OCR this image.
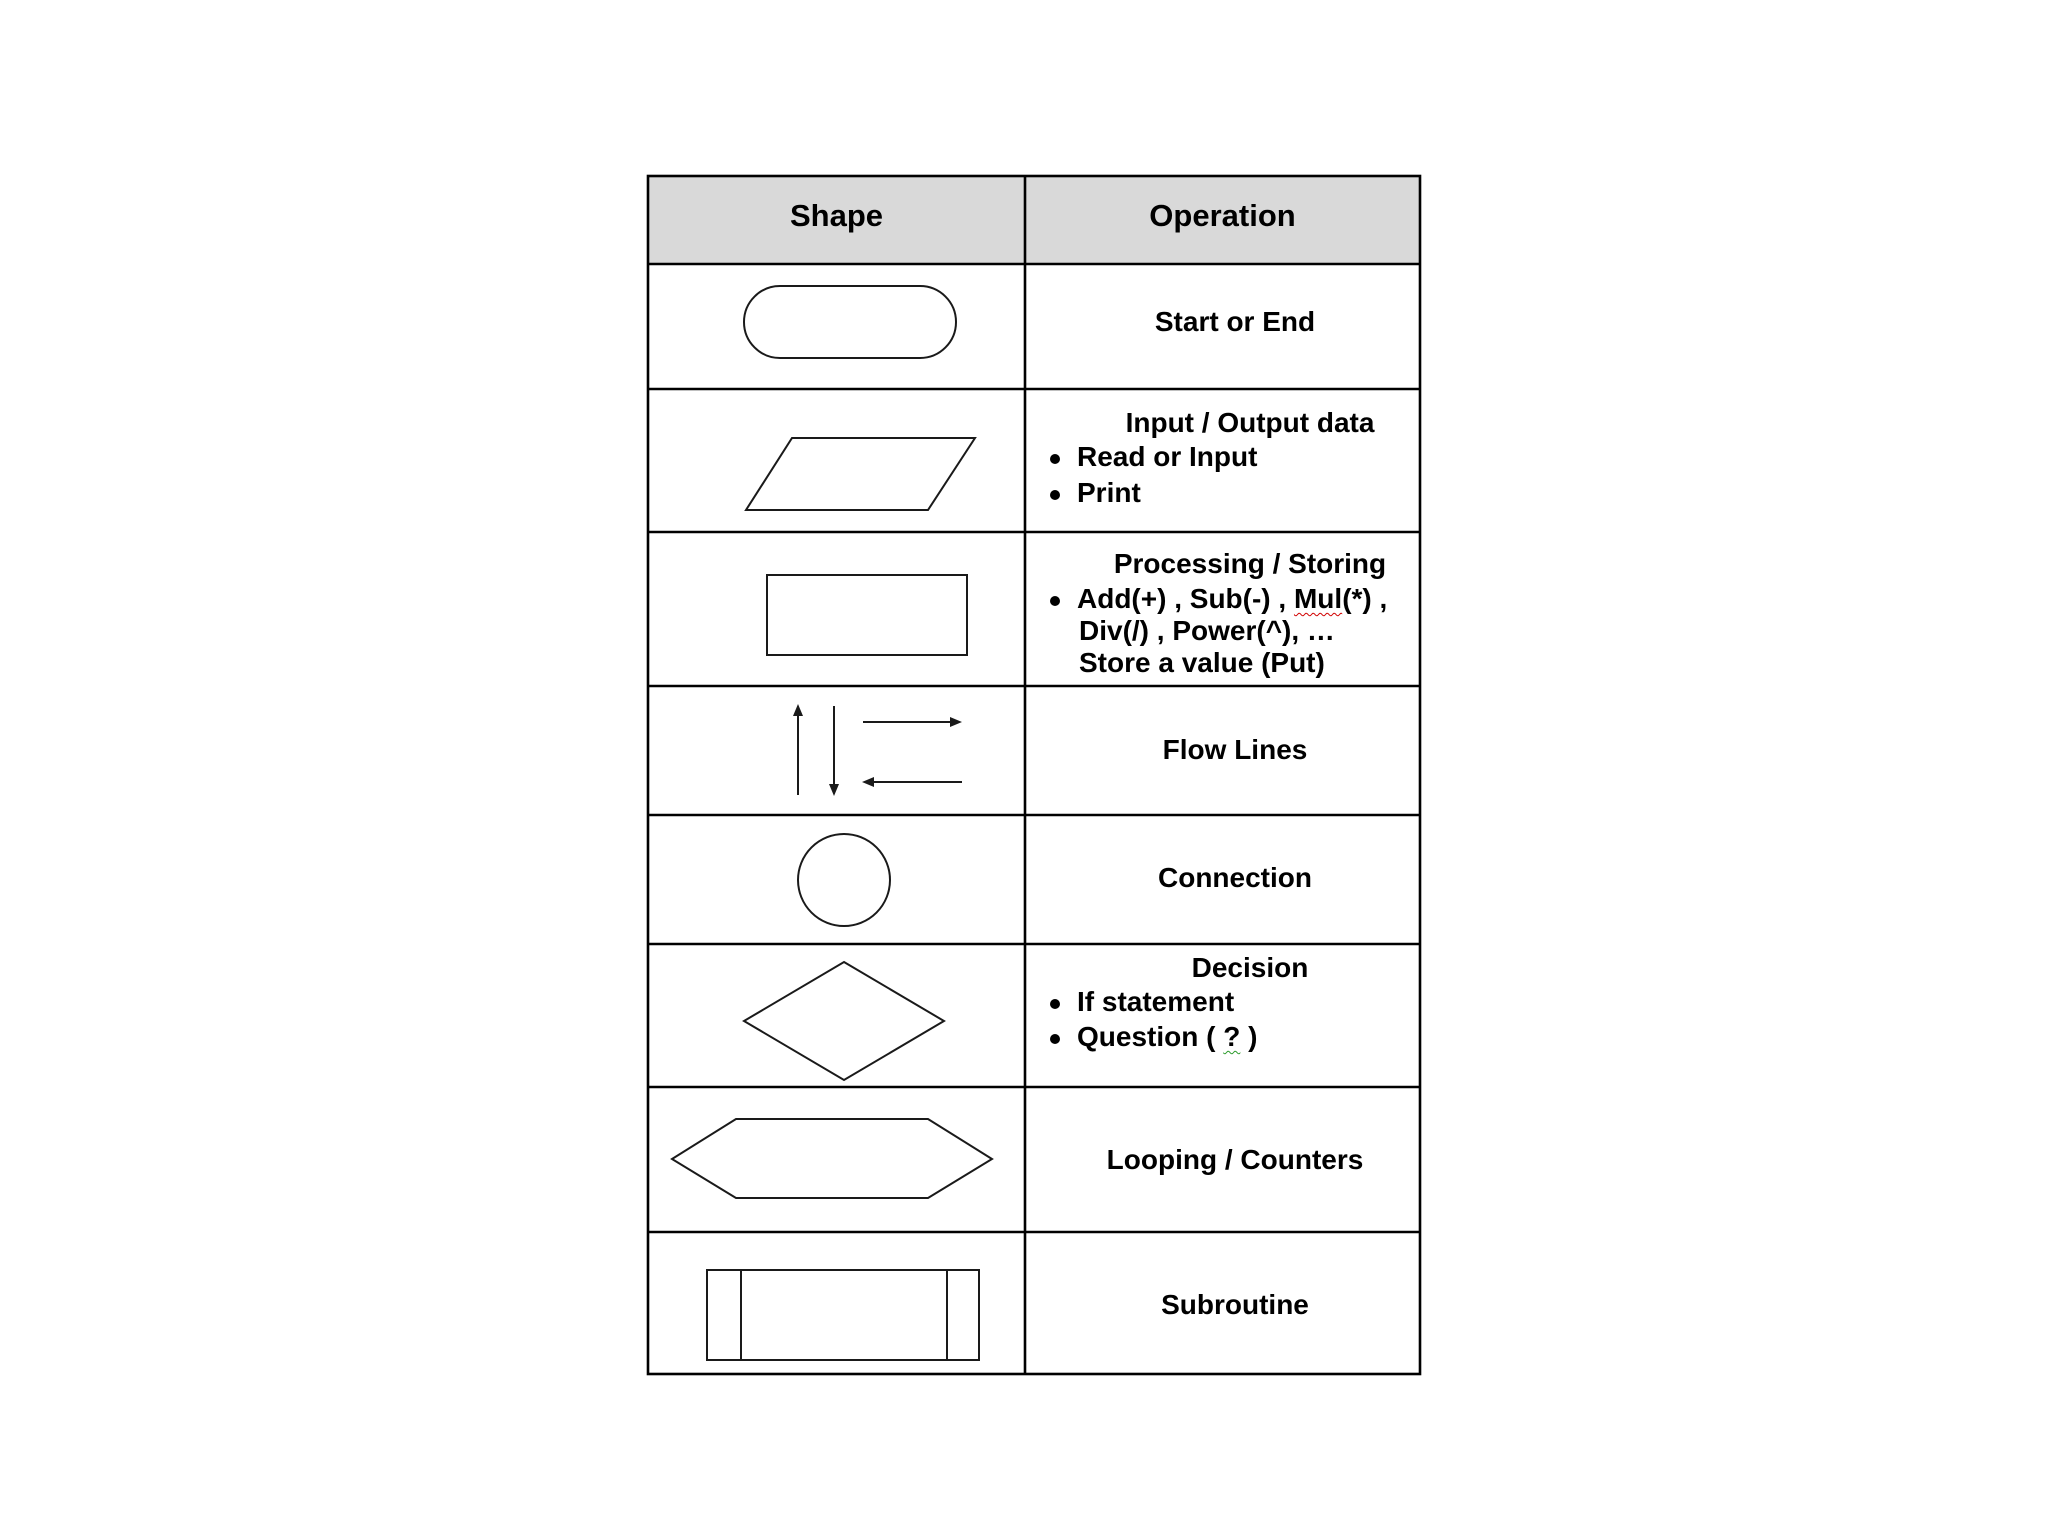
Shape	Operation
Start or End
Input / Output data
Read or Input
Print
Processing / Storing
Add(+) , Sub(-) , Mul(*) ,
Div(/) , Power(^), …
Store a value (Put)
Flow Lines
Connection
Decision
If statement
Question ( ? )
Looping / Counters
Subroutine
